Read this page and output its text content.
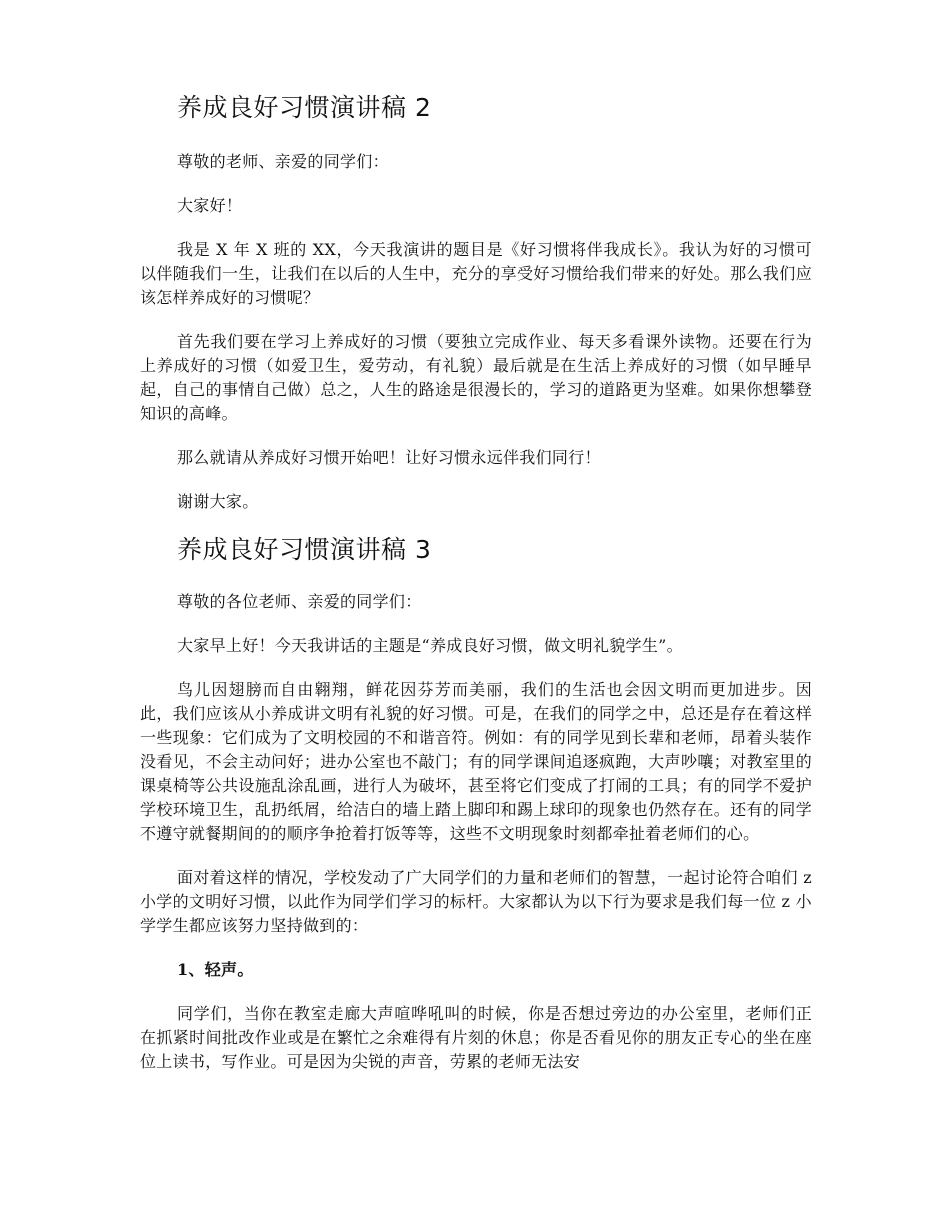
养成良好习惯演讲稿 2

尊敬的老师、亲爱的同学们：

大家好！

我是 X 年 X 班的 XX，今天我演讲的题目是《好习惯将伴我成长》。我认为好的习惯可以伴随我们一生，让我们在以后的人生中，充分的享受好习惯给我们带来的好处。那么我们应该怎样养成好的习惯呢？

首先我们要在学习上养成好的习惯（要独立完成作业、每天多看课外读物。还要在行为上养成好的习惯（如爱卫生，爱劳动，有礼貌）最后就是在生活上养成好的习惯（如早睡早起，自己的事情自己做）总之，人生的路途是很漫长的，学习的道路更为坚难。如果你想攀登知识的高峰。

那么就请从养成好习惯开始吧！让好习惯永远伴我们同行！

谢谢大家。

养成良好习惯演讲稿 3

尊敬的各位老师、亲爱的同学们：

大家早上好！今天我讲话的主题是“养成良好习惯，做文明礼貌学生”。

鸟儿因翅膀而自由翱翔，鲜花因芬芳而美丽，我们的生活也会因文明而更加进步。因此，我们应该从小养成讲文明有礼貌的好习惯。可是，在我们的同学之中，总还是存在着这样一些现象：它们成为了文明校园的不和谐音符。例如：有的同学见到长辈和老师，昂着头装作没看见，不会主动问好；进办公室也不敲门；有的同学课间追逐疯跑，大声吵嚷；对教室里的课桌椅等公共设施乱涂乱画，进行人为破坏，甚至将它们变成了打闹的工具；有的同学不爱护学校环境卫生，乱扔纸屑，给洁白的墙上踏上脚印和踢上球印的现象也仍然存在。还有的同学不遵守就餐期间的的顺序争抢着打饭等等，这些不文明现象时刻都牵扯着老师们的心。

面对着这样的情况，学校发动了广大同学们的力量和老师们的智慧，一起讨论符合咱们 z 小学的文明好习惯，以此作为同学们学习的标杆。大家都认为以下行为要求是我们每一位 z 小学学生都应该努力坚持做到的：

1、轻声。

同学们，当你在教室走廊大声喧哗吼叫的时候，你是否想过旁边的办公室里，老师们正在抓紧时间批改作业或是在繁忙之余难得有片刻的休息；你是否看见你的朋友正专心的坐在座位上读书，写作业。可是因为尖锐的声音，劳累的老师无法安
